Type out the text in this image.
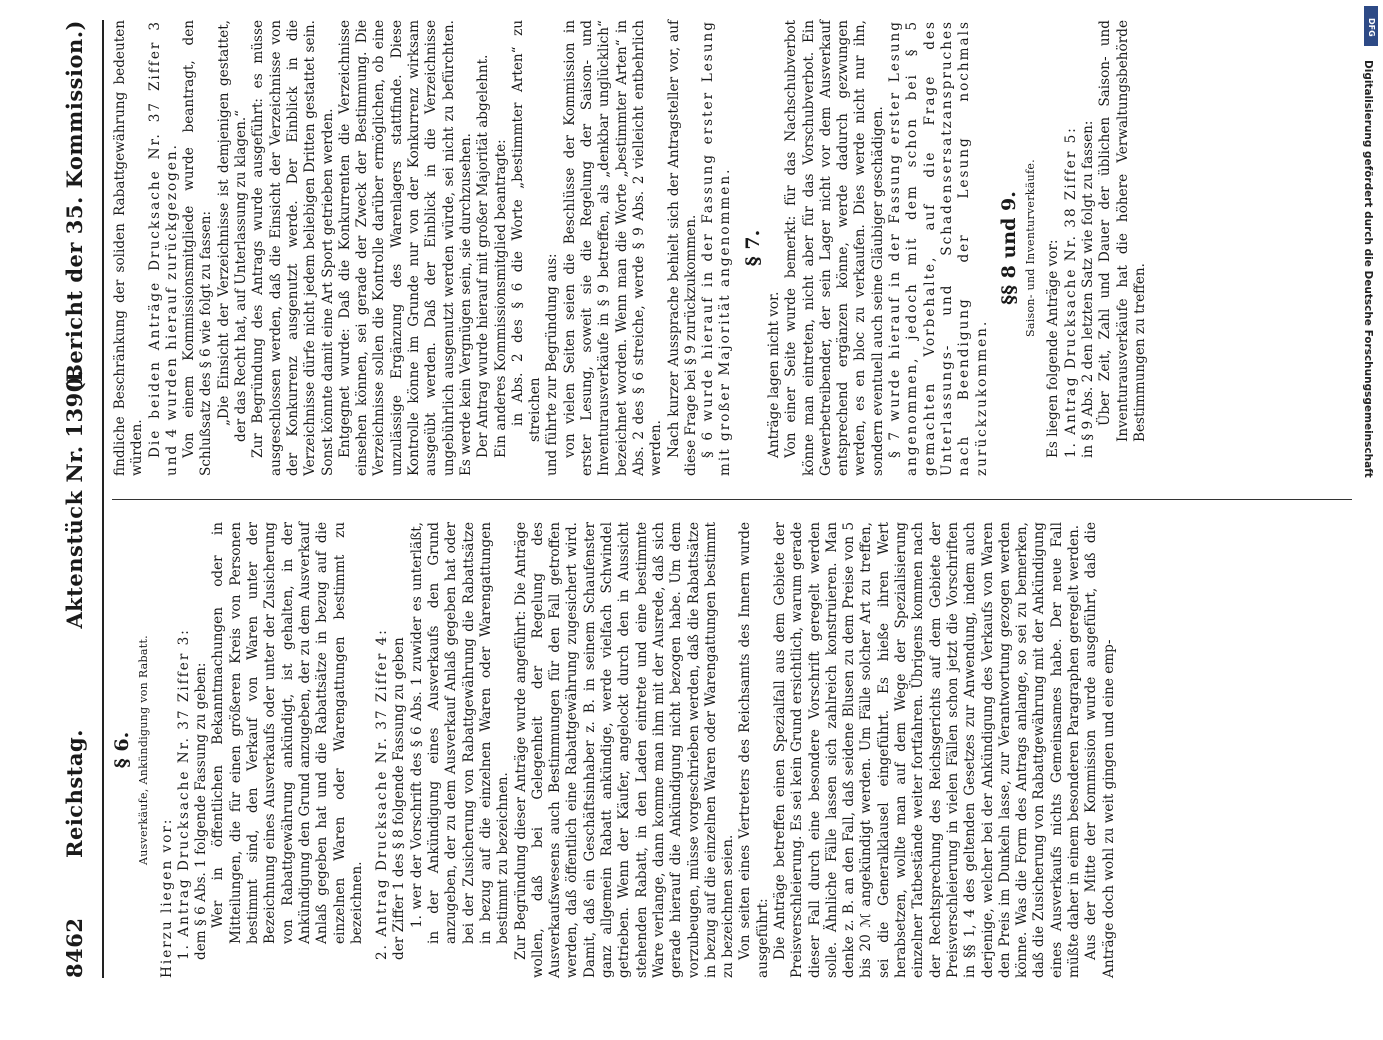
8462
Reichstag.
Aktenstück Nr. 1390.
(Bericht der 35. Kommission.)
§ 6. Ausverkäufe, Ankündigung von Rabatt.

Hierzu liegen vor: 1. Antrag Drucksache Nr. 37 Ziffer 3: dem § 6 Abs. 1 folgende Fassung zu geben: Wer in öffentlichen Bekanntmachungen oder in Mitteilungen, die für einen größeren Kreis von Personen bestimmt sind, den Verkauf von Waren unter der Bezeichnung eines Ausverkaufs oder unter der Zusicherung von Rabattgewährung ankündigt, ist gehalten, in der Ankündigung den Grund anzugeben, der zu dem Ausverkauf Anlaß gegeben hat und die Rabattsätze in bezug auf die einzelnen Waren oder Warengattungen bestimmt zu bezeichnen. 2. Antrag Drucksache Nr. 37 Ziffer 4: der Ziffer 1 des § 8 folgende Fassung zu geben 1. wer der Vorschrift des § 6 Abs. 1 zuwider es unterläßt, in der Ankündigung eines Ausverkaufs den Grund anzugeben, der zu dem Ausverkauf Anlaß gegeben hat oder bei der Zusicherung von Rabattgewährung die Rabattsätze in bezug auf die einzelnen Waren oder Warengattungen bestimmt zu bezeichnen. Zur Begründung dieser Anträge wurde angeführt: Die Anträge wollen, daß bei Gelegenheit der Regelung des Ausverkaufswesens auch Bestimmungen für den Fall getroffen werden, daß öffentlich eine Rabattgewährung zugesichert wird. Damit, daß ein Geschäftsinhaber z. B. in seinem Schaufenster ganz allgemein Rabatt ankündige, werde vielfach Schwindel getrieben. Wenn der Käufer, angelockt durch den in Aussicht stehenden Rabatt, in den Laden eintrete und eine bestimmte Ware verlange, dann komme man ihm mit der Ausrede, daß sich gerade hierauf die Ankündigung nicht bezogen habe. Um dem vorzubeugen, müsse vorgeschrieben werden, daß die Rabattsätze in bezug auf die einzelnen Waren oder Warengattungen bestimmt zu bezeichnen seien. Von seiten eines Vertreters des Reichsamts des Innern wurde ausgeführt: Die Anträge betreffen einen Spezialfall aus dem Gebiete der Preisverschleierung. Es sei kein Grund ersichtlich, warum gerade dieser Fall durch eine besondere Vorschrift geregelt werden solle. Ähnliche Fälle lassen sich zahlreich konstruieren. Man denke z. B. an den Fall, daß seidene Blusen zu dem Preise von 5 bis 20 ℳ angekündigt werden. Um Fälle solcher Art zu treffen, sei die Generalklausel eingeführt. Es hieße ihren Wert herabsetzen, wollte man auf dem Wege der Spezialisierung einzelner Tatbestände weiter fortfahren. Übrigens kommen nach der Rechtsprechung des Reichsgerichts auf dem Gebiete der Preisverschleierung in vielen Fällen schon jetzt die Vorschriften in §§ 1, 4 des geltenden Gesetzes zur Anwendung, indem auch derjenige, welcher bei der Ankündigung des Verkaufs von Waren den Preis im Dunkeln lasse, zur Verantwortung gezogen werden könne. Was die Form des Antrags anlange, so sei zu bemerken, daß die Zusicherung von Rabattgewährung mit der Ankündigung eines Ausverkaufs nichts Gemeinsames habe. Der neue Fall müßte daher in einem besonderen Paragraphen geregelt werden. Aus der Mitte der Kommission wurde ausgeführt, daß die Anträge doch wohl zu weit gingen und eine emp-

findliche Beschränkung der soliden Rabattgewährung bedeuten würden. Die beiden Anträge Drucksache Nr. 37 Ziffer 3 und 4 wurden hierauf zurückgezogen. Von einem Kommissionsmitgliede wurde beantragt, den Schlußsatz des § 6 wie folgt zu fassen: „Die Einsicht der Verzeichnisse ist demjenigen gestattet, der das Recht hat, auf Unterlassung zu klagen.“ Zur Begründung des Antrags wurde ausgeführt: es müsse ausgeschlossen werden, daß die Einsicht der Verzeichnisse von der Konkurrenz ausgenutzt werde. Der Einblick in die Verzeichnisse dürfe nicht jedem beliebigen Dritten gestattet sein. Sonst könnte damit eine Art Sport getrieben werden. Entgegnet wurde: Daß die Konkurrenten die Verzeichnisse einsehen können, sei gerade der Zweck der Bestimmung. Die Verzeichnisse sollen die Kontrolle darüber ermöglichen, ob eine unzulässige Ergänzung des Warenlagers stattfinde. Diese Kontrolle könne im Grunde nur von der Konkurrenz wirksam ausgeübt werden. Daß der Einblick in die Verzeichnisse ungebührlich ausgenutzt werden würde, sei nicht zu befürchten. Es werde kein Vergnügen sein, sie durchzusehen. Der Antrag wurde hierauf mit großer Majorität abgelehnt. Ein anderes Kommissionsmitglied beantragte: in Abs. 2 des § 6 die Worte „bestimmter Arten“ zu streichen und führte zur Begründung aus: von vielen Seiten seien die Beschlüsse der Kommission in erster Lesung, soweit sie die Regelung der Saison- und Inventurausverkäufe in § 9 betreffen, als „denkbar unglücklich“ bezeichnet worden. Wenn man die Worte „bestimmter Arten“ in Abs. 2 des § 6 streiche, werde § 9 Abs. 2 vielleicht entbehrlich werden. Nach kurzer Aussprache behielt sich der Antragsteller vor, auf diese Frage bei § 9 zurückzukommen. § 6 wurde hierauf in der Fassung erster Lesung mit großer Majorität angenommen. § 7.

Anträge lagen nicht vor. Von einer Seite wurde bemerkt: für das Nachschubverbot könne man eintreten, nicht aber für das Vorschubverbot. Ein Gewerbetreibender, der sein Lager nicht vor dem Ausverkauf entsprechend ergänzen könne, werde dadurch gezwungen werden, es en bloc zu verkaufen. Dies werde nicht nur ihn, sondern eventuell auch seine Gläubiger geschädigen. § 7 wurde hierauf in der Fassung erster Lesung angenommen, jedoch mit dem schon bei § 5 gemachten Vorbehalte, auf die Frage des Unterlassungs- und Schadensersatzanspruches nach Beendigung der Lesung nochmals zurückzukommen.

§§ 8 und 9. Saison- und Inventurverkäufe. Es liegen folgende Anträge vor: 1. Antrag Drucksache Nr. 38 Ziffer 5: in § 9 Abs. 2 den letzten Satz wie folgt zu fassen: Über Zeit, Zahl und Dauer der üblichen Saison- und Inventurausverkäufe hat die höhere Verwaltungsbehörde Bestimmungen zu treffen.

DFG
Digitalisierung gefördert durch die Deutsche Forschungsgemeinschaft
